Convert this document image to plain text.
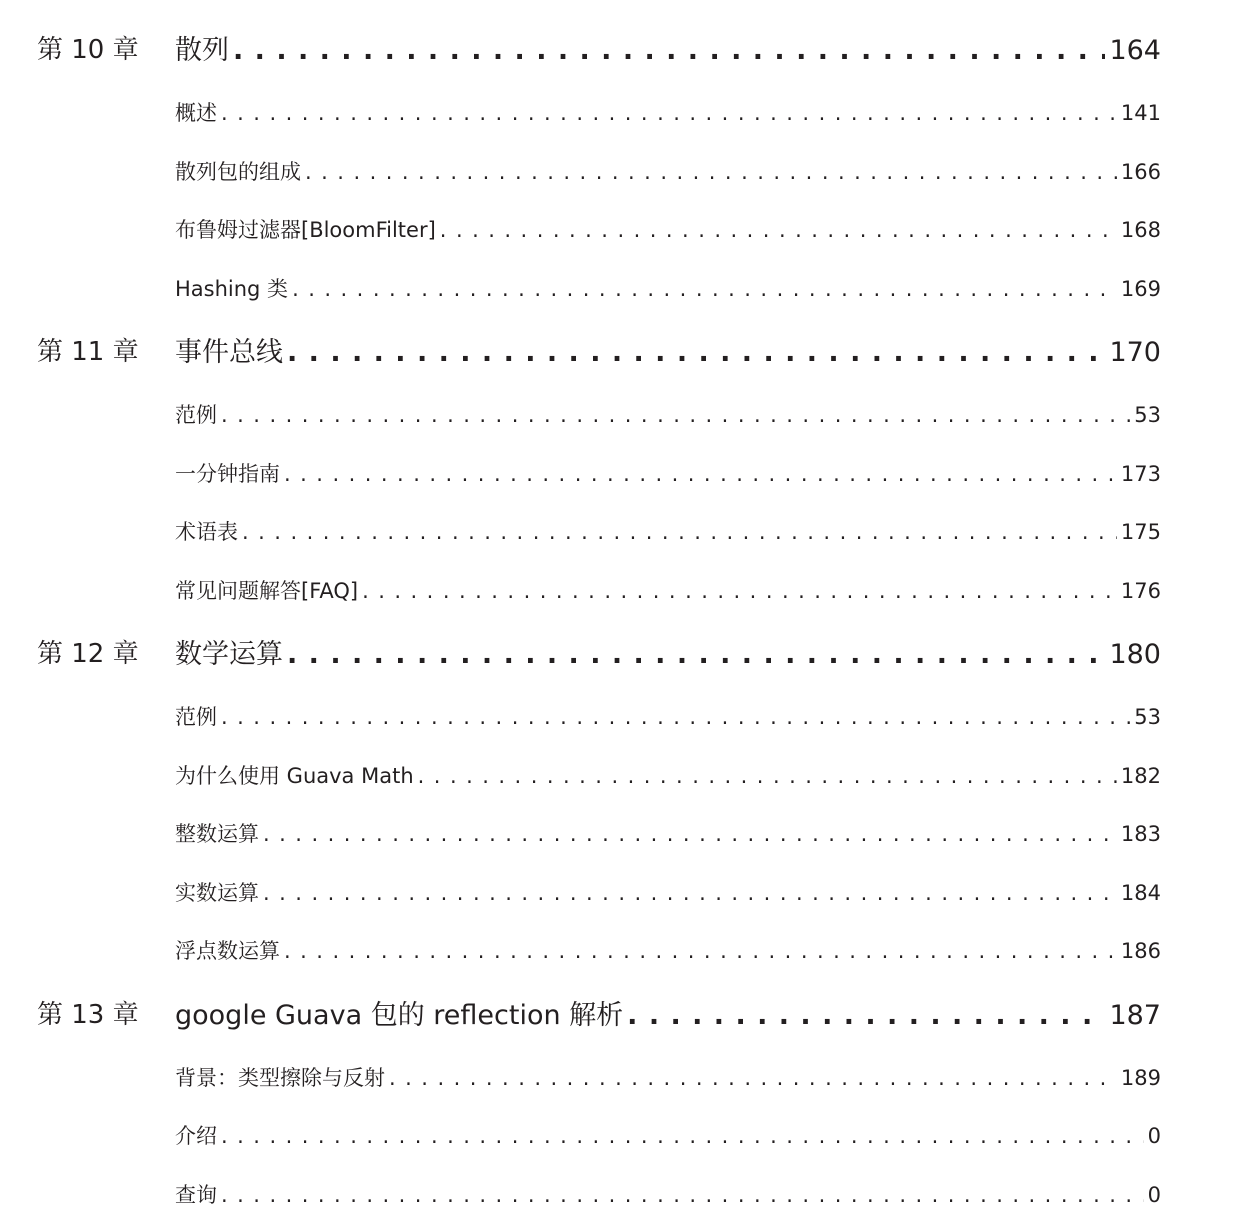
第 10 章 散列 . . .	164
概述 . . .	141
散列包的组成 . . .	166
布鲁姆过滤器[BloomFilter] . . .	168
Hashing 类 . . .	169
第 11 章 事件总线 . . .	170
范例 . . .	53
一分钟指南 . . .	173
术语表 . . .	175
常见问题解答[FAQ] . . .	176
第 12 章 数学运算 . . .	180
范例 . . .	53
为什么使用 Guava Math . . .	182
整数运算 . . .	183
实数运算 . . .	184
浮点数运算 . . .	186
第 13 章 google Guava 包的 reflection 解析 . . .	187
背景：类型擦除与反射 . . .	189
介绍 . . .	0
查询 . . .	0
